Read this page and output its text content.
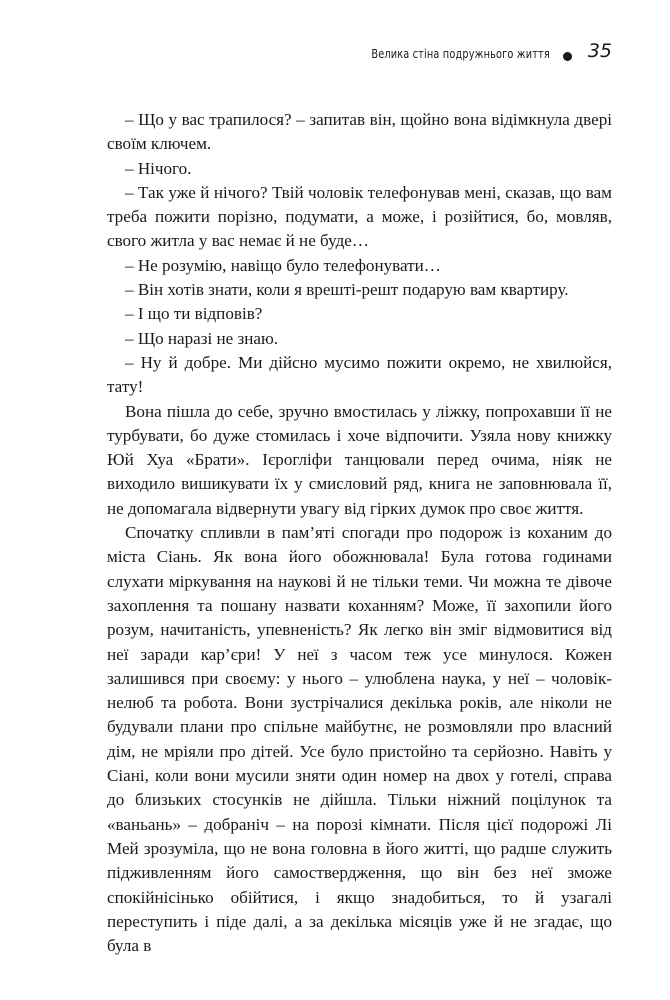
Велика стіна подружнього життя 35

– Що у вас трапилося? – запитав він, щойно вона відімкнула двері своїм ключем.

– Нічого.

– Так уже й нічого? Твій чоловік телефонував мені, сказав, що вам треба пожити порізно, подумати, а може, і розійтися, бо, мовляв, свого житла у вас немає й не буде…

– Не розумію, навіщо було телефонувати…

– Він хотів знати, коли я врешті-решт подарую вам квартиру.

– І що ти відповів?

– Що наразі не знаю.

– Ну й добре. Ми дійсно мусимо пожити окремо, не хвилюйся, тату!

Вона пішла до себе, зручно вмостилась у ліжку, попрохавши її не турбувати, бо дуже стомилась і хоче відпочити. Узяла нову книжку Юй Хуа «Брати». Ієрогліфи танцювали перед очима, ніяк не виходило вишикувати їх у смисловий ряд, книга не заповнювала її, не допомагала відвернути увагу від гірких думок про своє життя.

Спочатку спливли в пам’яті спогади про подорож із коханим до міста Сіань. Як вона його обожнювала! Була готова годинами слухати міркування на наукові й не тільки теми. Чи можна те дівоче захоплення та пошану назвати коханням? Може, її захопили його розум, начитаність, упевненість? Як легко він зміг відмовитися від неї заради кар’єри! У неї з часом теж усе минулося. Кожен залишився при своєму: у нього – улюблена наука, у неї – чоловік-нелюб та робота. Вони зустрічалися декілька років, але ніколи не будували плани про спільне майбутнє, не розмовляли про власний дім, не мріяли про дітей. Усе було пристойно та серйозно. Навіть у Сіані, коли вони мусили зняти один номер на двох у готелі, справа до близьких стосунків не дійшла. Тільки ніжний поцілунок та «ваньань» – добраніч – на порозі кімнати. Після цієї подорожі Лі Мей зрозуміла, що не вона головна в його житті, що радше служить підживленням його самоствердження, що він без неї зможе спокійнісінько обійтися, і якщо знадобиться, то й узагалі переступить і піде далі, а за декілька місяців уже й не згадає, що була в
